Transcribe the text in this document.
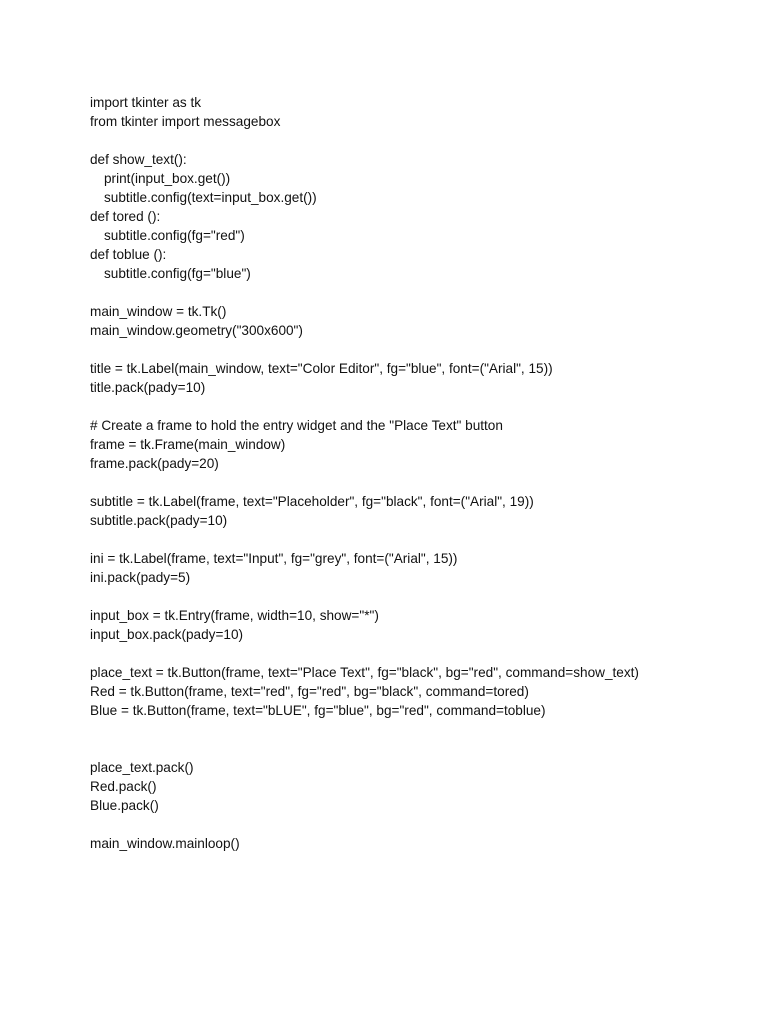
import tkinter as tk
from tkinter import messagebox
def show_text():
print(input_box.get())
subtitle.config(text=input_box.get())
def tored ():
subtitle.config(fg="red")
def toblue ():
subtitle.config(fg="blue")
main_window = tk.Tk()
main_window.geometry("300x600")
title = tk.Label(main_window, text="Color Editor", fg="blue", font=("Arial", 15))
title.pack(pady=10)
# Create a frame to hold the entry widget and the "Place Text" button
frame = tk.Frame(main_window)
frame.pack(pady=20)
subtitle = tk.Label(frame, text="Placeholder", fg="black", font=("Arial", 19))
subtitle.pack(pady=10)
ini = tk.Label(frame, text="Input", fg="grey", font=("Arial", 15))
ini.pack(pady=5)
input_box = tk.Entry(frame, width=10, show="*")
input_box.pack(pady=10)
place_text = tk.Button(frame, text="Place Text", fg="black", bg="red", command=show_text)
Red = tk.Button(frame, text="red", fg="red", bg="black", command=tored)
Blue = tk.Button(frame, text="bLUE", fg="blue", bg="red", command=toblue)
place_text.pack()
Red.pack()
Blue.pack()
main_window.mainloop()
